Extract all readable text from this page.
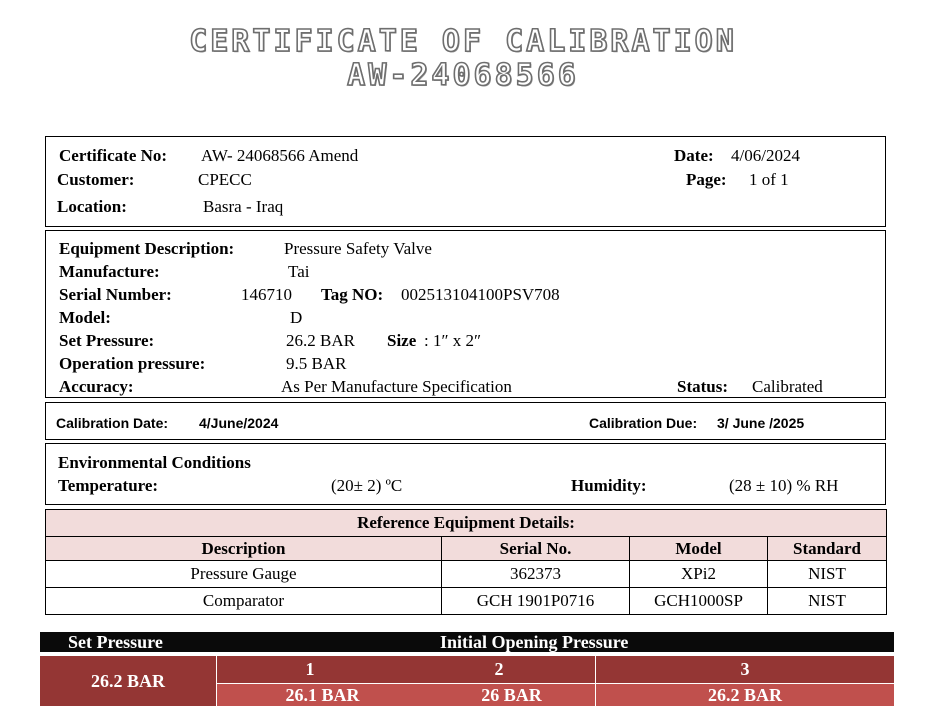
CERTIFICATE OF CALIBRATION
AW-24068566
Certificate No: AW- 24068566 Amend	Date: 4/06/2024
Customer:	CPECC	Page: 1 of 1
Location:	Basra - Iraq
Equipment Description:	Pressure Safety Valve
Manufacture:	Tai
Serial Number:	146710 Tag NO: 002513104100PSV708
Model:	D
Set Pressure:	26.2 BAR Size : 1″ x 2″
Operation pressure:	9.5 BAR
Accuracy:	As Per Manufacture Specification	Status: Calibrated
Calibration Date: 4/June/2024	Calibration Due: 3/ June /2025
Environmental Conditions
Temperature:	(20± 2) ºC	Humidity:	(28 ± 10) % RH
Reference Equipment Details:			
Description	Serial No.	Model	Standard
Pressure Gauge	362373	XPi2	NIST
Comparator	GCH 1901P0716	GCH1000SP	NIST
Set Pressure	Initial Opening Pressure
26.2 BAR
1	2	3
26.1 BAR	26 BAR	26.2 BAR
